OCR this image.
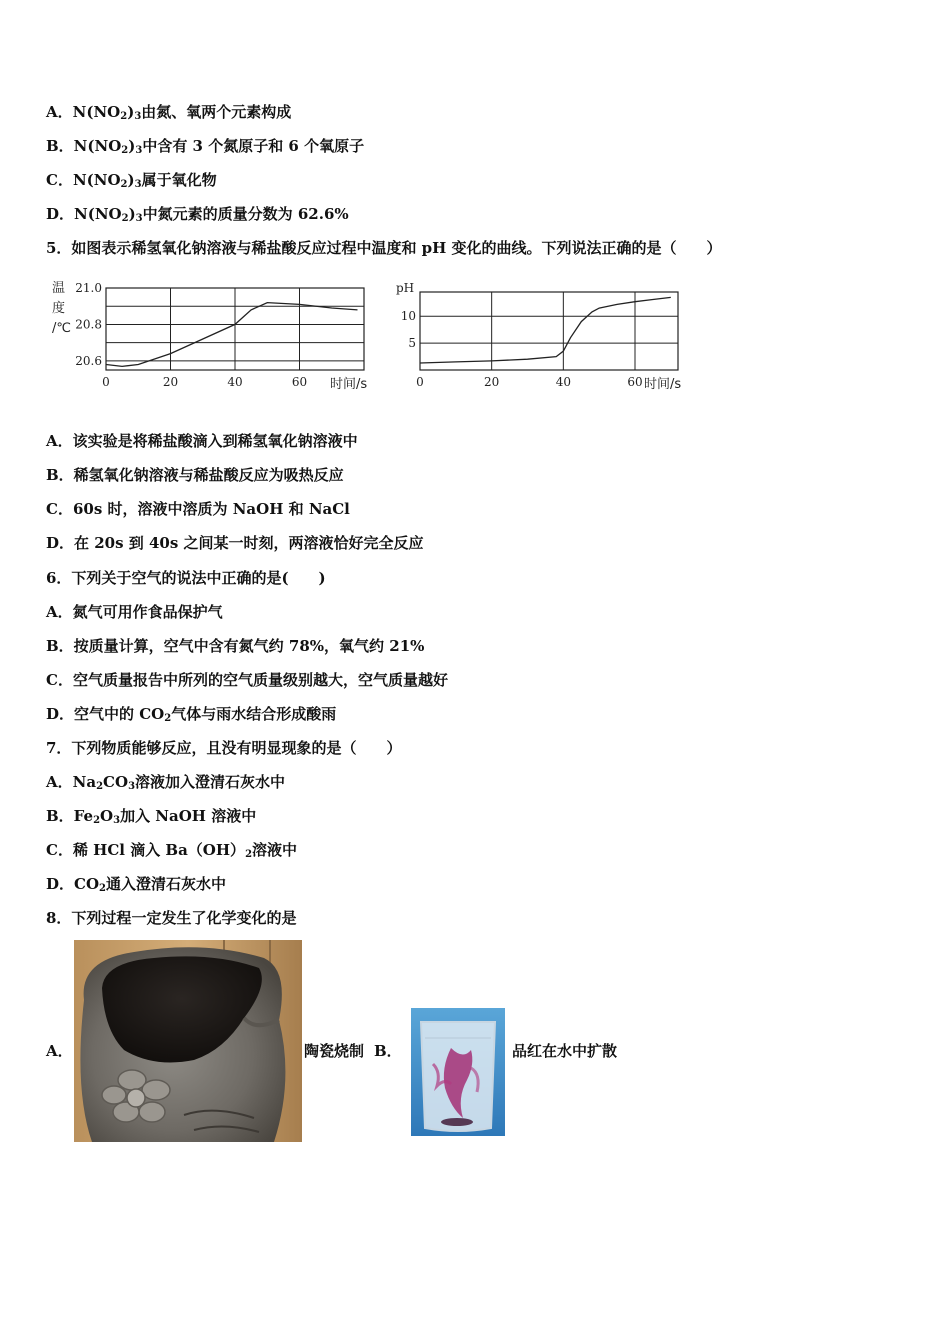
A．$N(NO_2)_3$由氮、氧两个元素构成
B．$N(NO_2)_3$中含有 3 个氮原子和 6 个氧原子
C．$N(NO_2)_3$属于氧化物
D．$N(NO_2)_3$中氮元素的质量分数为 62.6%
5．如图表示稀氢氧化钠溶液与稀盐酸反应过程中温度和 pH 变化的曲线。下列说法正确的是（　　）
0	20	40	60
20.6
20.8
21.0
时间/s
温
度
/℃
0	20	40	60
5
10
时间/s
pH
A．该实验是将稀盐酸滴入到稀氢氧化钠溶液中
B．稀氢氧化钠溶液与稀盐酸反应为吸热反应
C．60s 时，溶液中溶质为 NaOH 和 NaCl
D．在 20s 到 40s 之间某一时刻，两溶液恰好完全反应
6．下列关于空气的说法中正确的是(　　)
A．氮气可用作食品保护气
B．按质量计算，空气中含有氮气约 78%，氧气约 21%
C．空气质量报告中所列的空气质量级别越大，空气质量越好
D．空气中的 $CO_2$气体与雨水结合形成酸雨
7．下列物质能够反应，且没有明显现象的是（　　）
A．$Na_2CO_3$溶液加入澄清石灰水中
B．$Fe_2O_3$加入 NaOH 溶液中
C．稀 HCl 滴入 $Ba(OH)_2$溶液中
D．$CO_2$通入澄清石灰水中
8．下列过程一定发生了化学变化的是
A．	陶瓷烧制 B．	品红在水中扩散
